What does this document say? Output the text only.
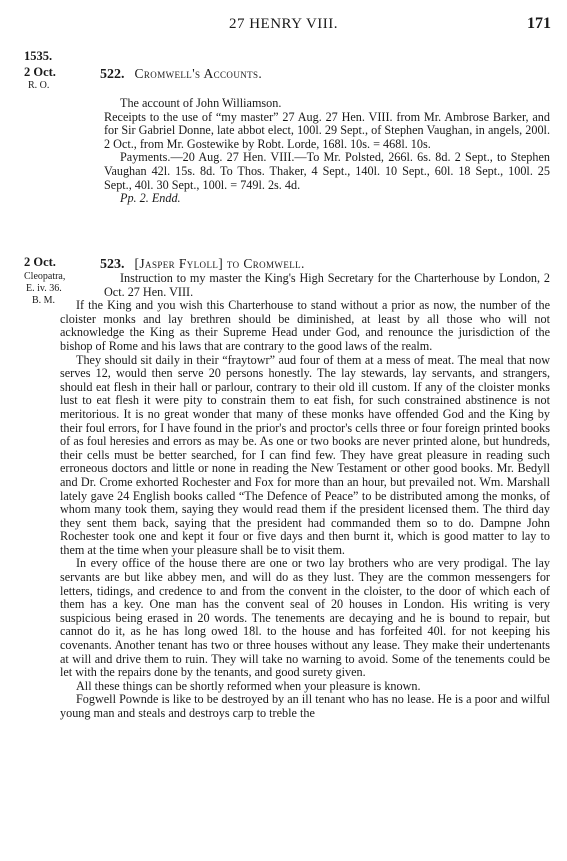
27 HENRY VIII.	171
1535.
2 Oct.
R. O.
522. Cromwell's Accounts.

The account of John Williamson.

Receipts to the use of “my master” 27 Aug. 27 Hen. VIII. from Mr. Ambrose Barker, and for Sir Gabriel Donne, late abbot elect, 100l. 29 Sept., of Stephen Vaughan, in angels, 200l. 2 Oct., from Mr. Gostewike by Robt. Lorde, 168l. 10s. = 468l. 10s.

Payments.—20 Aug. 27 Hen. VIII.—To Mr. Polsted, 266l. 6s. 8d. 2 Sept., to Stephen Vaughan 42l. 15s. 8d. To Thos. Thaker, 4 Sept., 140l. 10 Sept., 60l. 18 Sept., 100l. 25 Sept., 40l. 30 Sept., 100l. = 749l. 2s. 4d.

Pp. 2. Endd.

2 Oct.
Cleopatra,
E. iv. 36.
B. M.
523. [Jasper Fyloll] to Cromwell.

Instruction to my master the King's High Secretary for the Charterhouse by London, 2 Oct. 27 Hen. VIII.

If the King and you wish this Charterhouse to stand without a prior as now, the number of the cloister monks and lay brethren should be diminished, at least by all those who will not acknowledge the King as their Supreme Head under God, and renounce the jurisdiction of the bishop of Rome and his laws that are contrary to the good laws of the realm.

They should sit daily in their “fraytowr” aud four of them at a mess of meat. The meal that now serves 12, would then serve 20 persons honestly. The lay stewards, lay servants, and strangers, should eat flesh in their hall or parlour, contrary to their old ill custom. If any of the cloister monks lust to eat flesh it were pity to constrain them to eat fish, for such constrained abstinence is not meritorious. It is no great wonder that many of these monks have offended God and the King by their foul errors, for I have found in the prior's and proctor's cells three or four foreign printed books of as foul heresies and errors as may be. As one or two books are never printed alone, but hundreds, their cells must be better searched, for I can find few. They have great pleasure in reading such erroneous doctors and little or none in reading the New Testament or other good books. Mr. Bedyll and Dr. Crome exhorted Rochester and Fox for more than an hour, but prevailed not. Wm. Marshall lately gave 24 English books called “The Defence of Peace” to be distributed among the monks, of whom many took them, saying they would read them if the president licensed them. The third day they sent them back, saying that the president had commanded them so to do. Dampne John Rochester took one and kept it four or five days and then burnt it, which is good matter to lay to them at the time when your pleasure shall be to visit them.

In every office of the house there are one or two lay brothers who are very prodigal. The lay servants are but like abbey men, and will do as they lust. They are the common messengers for letters, tidings, and credence to and from the convent in the cloister, to the door of which each of them has a key. One man has the convent seal of 20 houses in London. His writing is very suspicious being erased in 20 words. The tenements are decaying and he is bound to repair, but cannot do it, as he has long owed 18l. to the house and has forfeited 40l. for not keeping his covenants. Another tenant has two or three houses without any lease. They make their undertenants at will and drive them to ruin. They will take no warning to avoid. Some of the tenements could be let with the repairs done by the tenants, and good surety given.

All these things can be shortly reformed when your pleasure is known.

Fogwell Pownde is like to be destroyed by an ill tenant who has no lease. He is a poor and wilful young man and steals and destroys carp to treble the
